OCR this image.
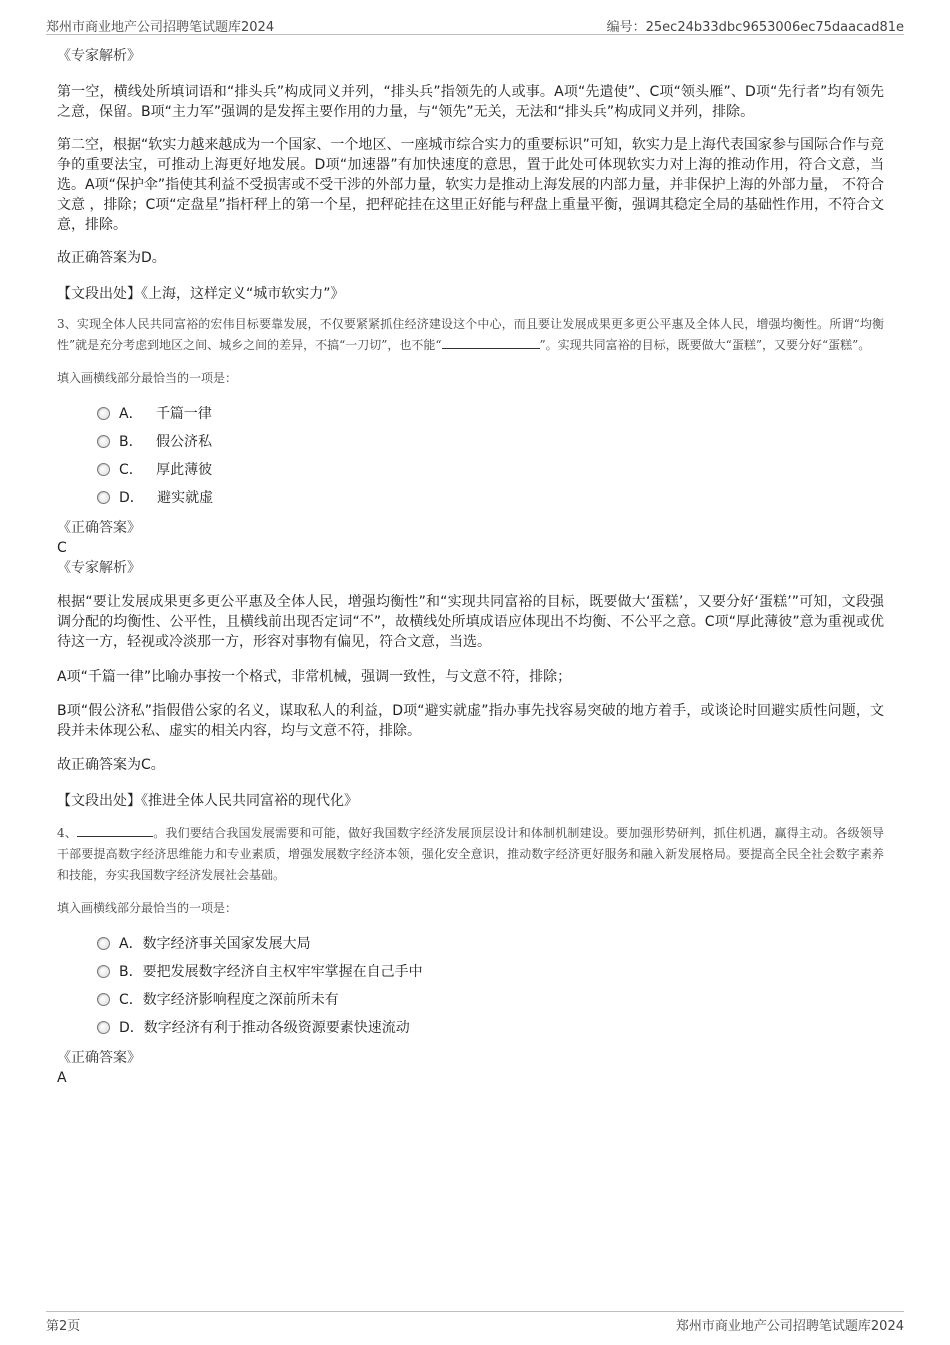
郑州市商业地产公司招聘笔试题库2024	编号：25ec24b33dbc9653006ec75daacad81e

《专家解析》

第一空，横线处所填词语和“排头兵”构成同义并列，“排头兵”指领先的人或事。A项“先遣使”、C项“领头雁”、D项“先行者”均有领先之意，保留。B项“主力军”强调的是发挥主要作用的力量，与“领先”无关，无法和“排头兵”构成同义并列，排除。

第二空，根据“软实力越来越成为一个国家、一个地区、一座城市综合实力的重要标识”可知，软实力是上海代表国家参与国际合作与竞争的重要法宝，可推动上海更好地发展。D项“加速器”有加快速度的意思，置于此处可体现软实力对上海的推动作用，符合文意，当选。A项“保护伞”指使其利益不受损害或不受干涉的外部力量，软实力是推动上海发展的内部力量，并非保护上海的外部力量， 不符合文意 ，排除；C项“定盘星”指杆秤上的第一个星，把秤砣挂在这里正好能与秤盘上重量平衡，强调其稳定全局的基础性作用，不符合文意，排除。

故正确答案为D。

【文段出处】《上海，这样定义“城市软实力”》

3、实现全体人民共同富裕的宏伟目标要靠发展，不仅要紧紧抓住经济建设这个中心，而且要让发展成果更多更公平惠及全体人民，增强均衡性。所谓“均衡性”就是充分考虑到地区之间、城乡之间的差异，不搞“一刀切”，也不能“	”。实现共同富裕的目标，既要做大“蛋糕”，又要分好“蛋糕”。

填入画横线部分最恰当的一项是：

A． 千篇一律
B． 假公济私
C． 厚此薄彼
D． 避实就虚

《正确答案》

C

《专家解析》

根据“要让发展成果更多更公平惠及全体人民，增强均衡性”和“实现共同富裕的目标，既要做大‘蛋糕’，又要分好‘蛋糕’”可知，文段强调分配的均衡性、公平性，且横线前出现否定词“不”，故横线处所填成语应体现出不均衡、不公平之意。C项“厚此薄彼”意为重视或优待这一方，轻视或冷淡那一方，形容对事物有偏见，符合文意，当选。

A项“千篇一律”比喻办事按一个格式，非常机械，强调一致性，与文意不符，排除；

B项“假公济私”指假借公家的名义，谋取私人的利益，D项“避实就虚”指办事先找容易突破的地方着手，或谈论时回避实质性问题，文段并未体现公私、虚实的相关内容，均与文意不符，排除。

故正确答案为C。

【文段出处】《推进全体人民共同富裕的现代化》

4、	。我们要结合我国发展需要和可能，做好我国数字经济发展顶层设计和体制机制建设。要加强形势研判，抓住机遇，赢得主动。各级领导干部要提高数字经济思维能力和专业素质，增强发展数字经济本领，强化安全意识，推动数字经济更好服务和融入新发展格局。要提高全民全社会数字素养和技能，夯实我国数字经济发展社会基础。

填入画横线部分最恰当的一项是：

A．数字经济事关国家发展大局
B．要把发展数字经济自主权牢牢掌握在自己手中
C．数字经济影响程度之深前所未有
D．数字经济有利于推动各级资源要素快速流动

《正确答案》

A

第2页	郑州市商业地产公司招聘笔试题库2024
